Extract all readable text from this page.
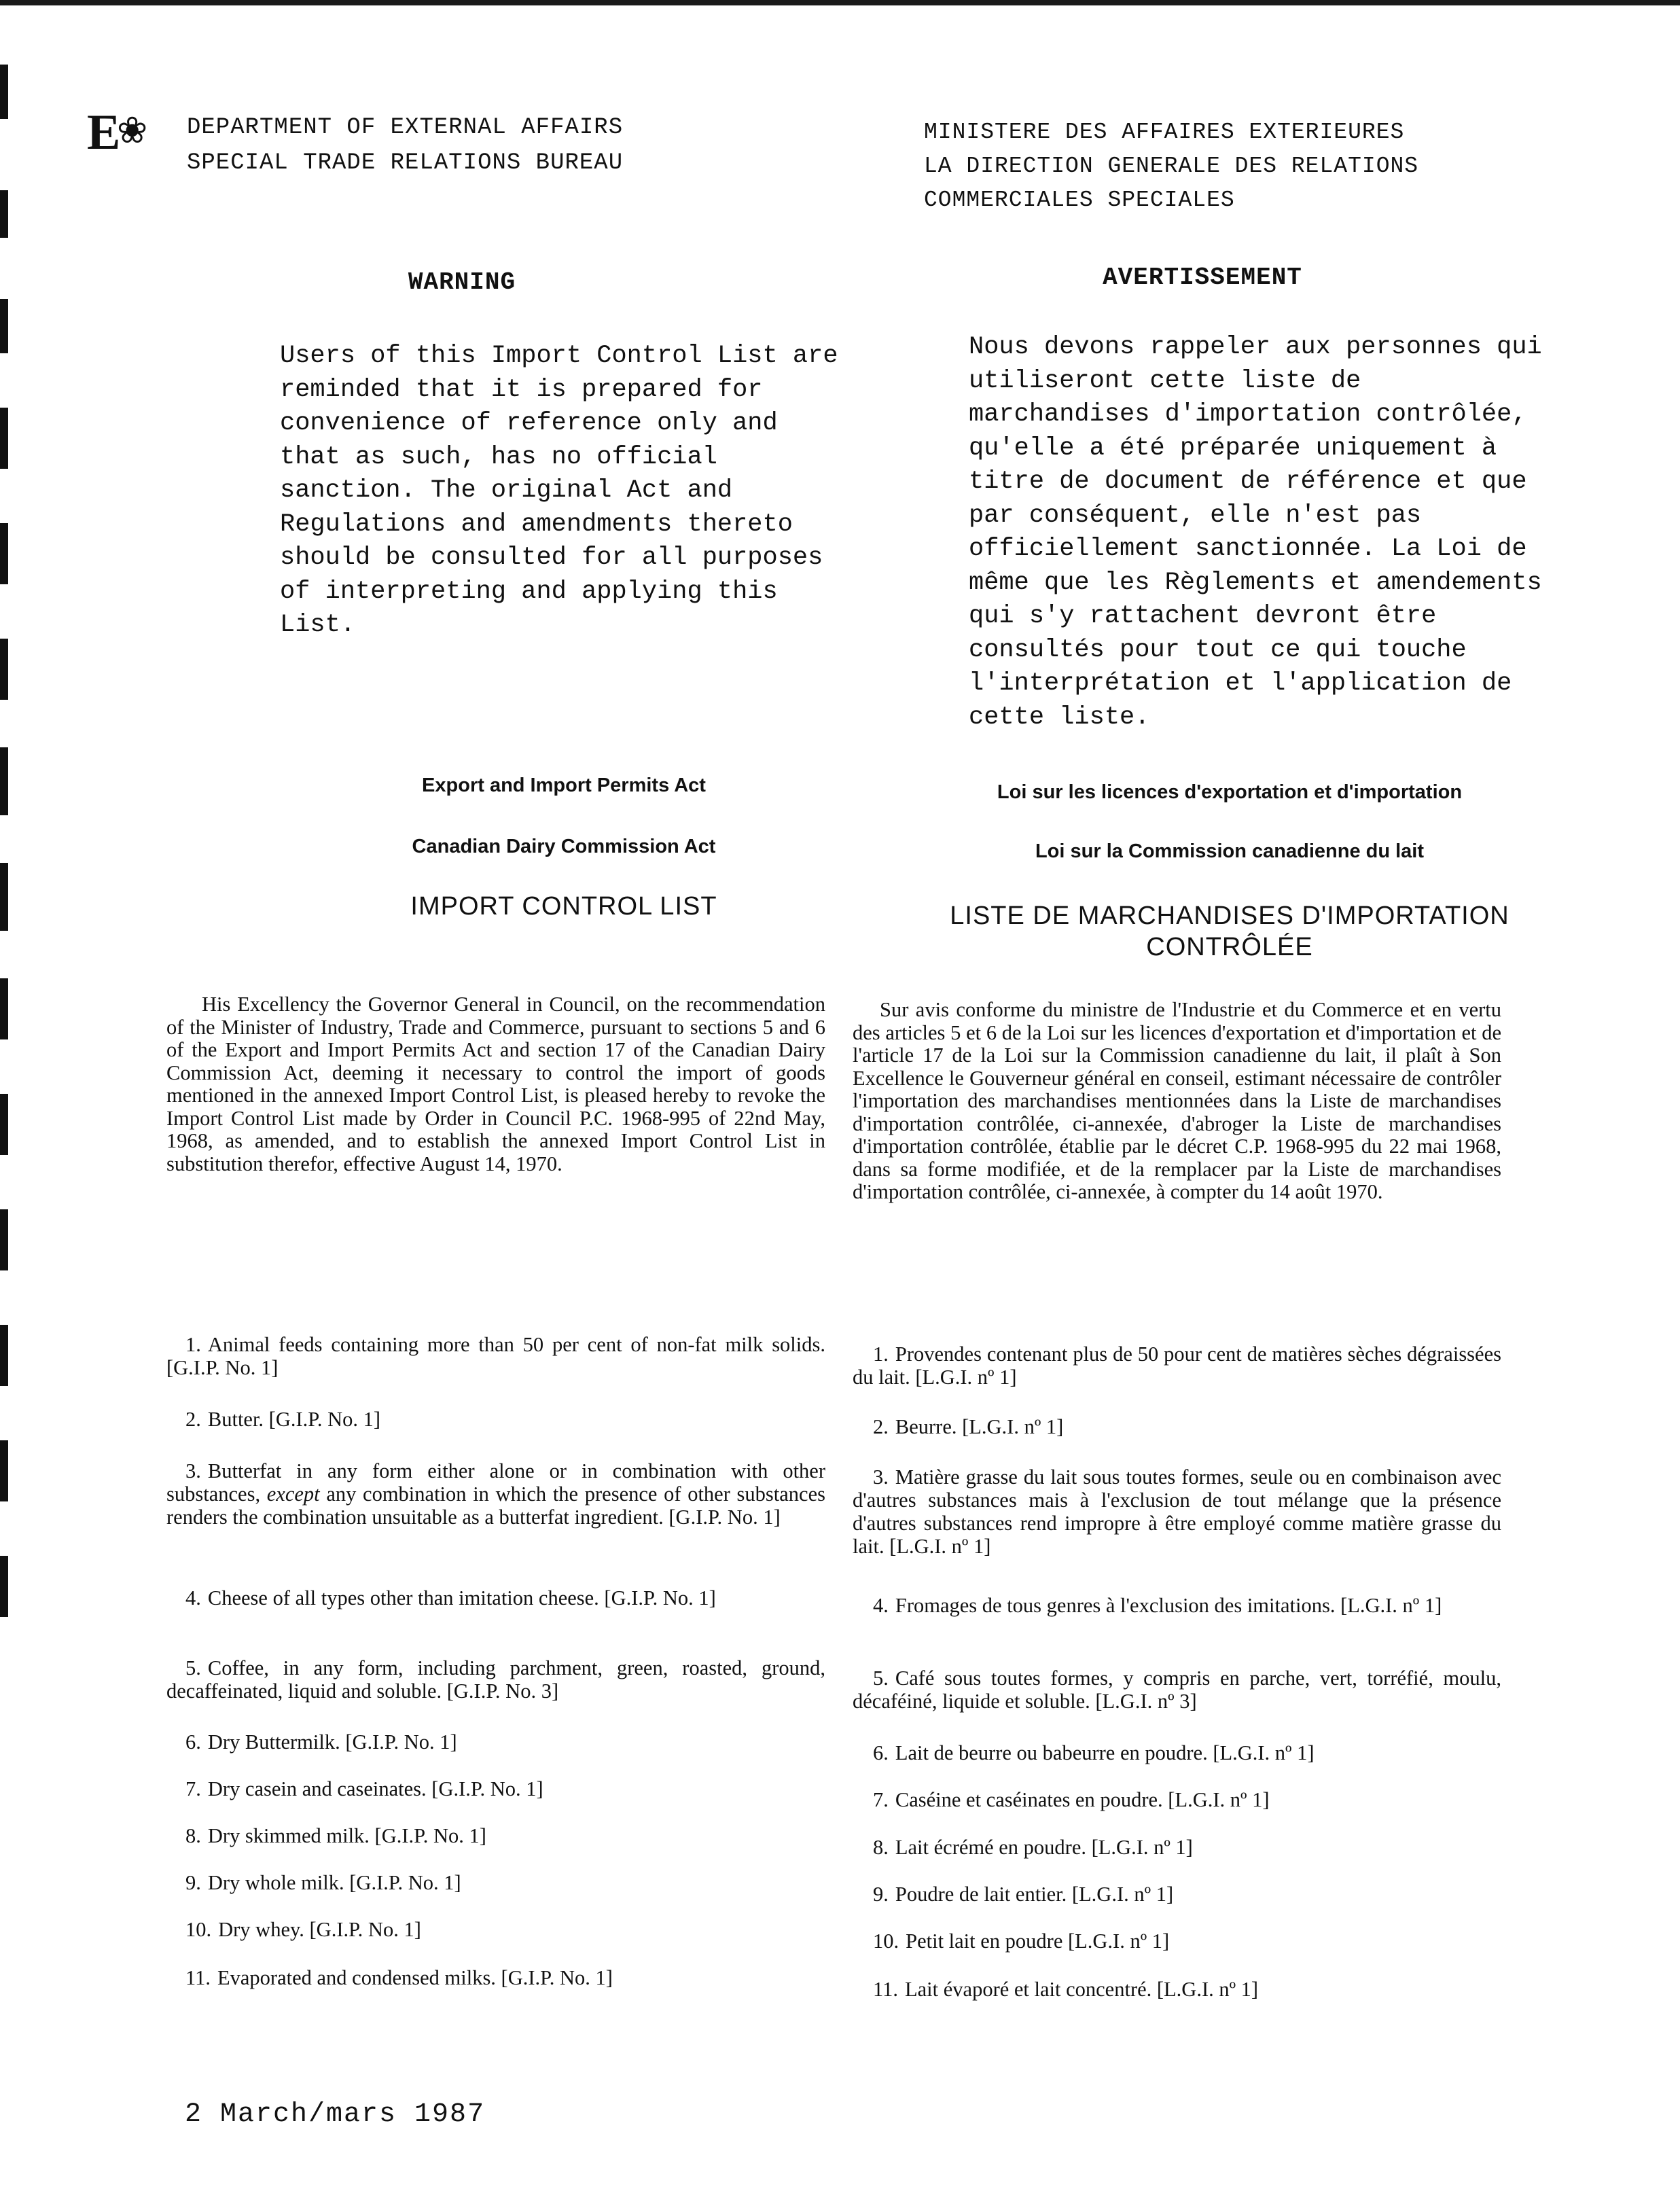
E
❀ DEPARTMENT OF EXTERNAL AFFAIRS
SPECIAL TRADE RELATIONS BUREAU
MINISTERE DES AFFAIRES EXTERIEURES
LA DIRECTION GENERALE DES RELATIONS
COMMERCIALES SPECIALES
WARNING	AVERTISSEMENT

Users of this Import Control List are reminded that it is prepared for convenience of reference only and that as such, has no official sanction. The original Act and Regulations and amendments thereto should be consulted for all purposes of interpreting and applying this List.

Nous devons rappeler aux personnes qui utiliseront cette liste de marchandises d'importation contrôlée, qu'elle a été préparée uniquement à titre de document de référence et que par conséquent, elle n'est pas officiellement sanctionnée. La Loi de même que les Règlements et amendements qui s'y rattachent devront être consultés pour tout ce qui touche l'interprétation et l'application de cette liste.

Export and Import Permits Act
Canadian Dairy Commission Act
Loi sur les licences d'exportation et d'importation
Loi sur la Commission canadienne du lait
IMPORT CONTROL LIST	LISTE DE MARCHANDISES D'IMPORTATION CONTRÔLÉE

His Excellency the Governor General in Council, on the recommendation of the Minister of Industry, Trade and Commerce, pursuant to sections 5 and 6 of the Export and Import Permits Act and section 17 of the Canadian Dairy Commission Act, deeming it necessary to control the import of goods mentioned in the annexed Import Control List, is pleased hereby to revoke the Import Control List made by Order in Council P.C. 1968-995 of 22nd May, 1968, as amended, and to establish the annexed Import Control List in substitution therefor, effective August 14, 1970.

Sur avis conforme du ministre de l'Industrie et du Commerce et en vertu des articles 5 et 6 de la Loi sur les licences d'exportation et d'importation et de l'article 17 de la Loi sur la Commission canadienne du lait, il plaît à Son Excellence le Gouverneur général en conseil, estimant nécessaire de contrôler l'importation des marchandises mentionnées dans la Liste de marchandises d'importation contrôlée, ci-annexée, d'abroger la Liste de marchandises d'importation contrôlée, établie par le décret C.P. 1968-995 du 22 mai 1968, dans sa forme modifiée, et de la remplacer par la Liste de marchandises d'importation contrôlée, ci-annexée, à compter du 14 août 1970.

1. Animal feeds containing more than 50 per cent of non-fat milk solids. [G.I.P. No. 1]

2. Butter. [G.I.P. No. 1]

3. Butterfat in any form either alone or in combination with other substances, except any combination in which the presence of other substances renders the combination unsuitable as a butterfat ingredient. [G.I.P. No. 1]

4. Cheese of all types other than imitation cheese. [G.I.P. No. 1]

5. Coffee, in any form, including parchment, green, roasted, ground, decaffeinated, liquid and soluble. [G.I.P. No. 3]

6. Dry Buttermilk. [G.I.P. No. 1]

7. Dry casein and caseinates. [G.I.P. No. 1]

8. Dry skimmed milk. [G.I.P. No. 1]

9. Dry whole milk. [G.I.P. No. 1]

10. Dry whey. [G.I.P. No. 1]

11. Evaporated and condensed milks. [G.I.P. No. 1]

1. Provendes contenant plus de 50 pour cent de matières sèches dégraissées du lait. [L.G.I. nº 1]

2. Beurre. [L.G.I. nº 1]

3. Matière grasse du lait sous toutes formes, seule ou en combinaison avec d'autres substances mais à l'exclusion de tout mélange que la présence d'autres substances rend impropre à être employé comme matière grasse du lait. [L.G.I. nº 1]

4. Fromages de tous genres à l'exclusion des imitations. [L.G.I. nº 1]

5. Café sous toutes formes, y compris en parche, vert, torréfié, moulu, décaféiné, liquide et soluble. [L.G.I. nº 3]

6. Lait de beurre ou babeurre en poudre. [L.G.I. nº 1]

7. Caséine et caséinates en poudre. [L.G.I. nº 1]

8. Lait écrémé en poudre. [L.G.I. nº 1]

9. Poudre de lait entier. [L.G.I. nº 1]

10. Petit lait en poudre [L.G.I. nº 1]

11. Lait évaporé et lait concentré. [L.G.I. nº 1]

2 March/mars 1987
